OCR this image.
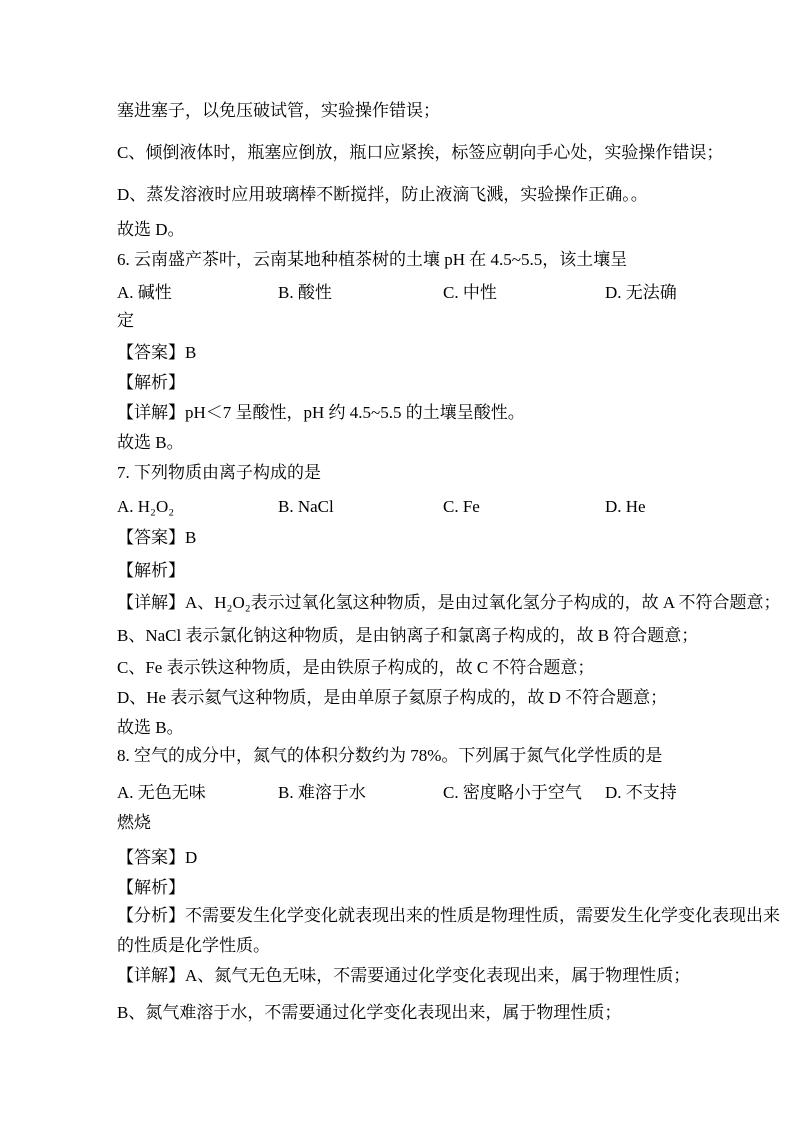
塞进塞子，以免压破试管，实验操作错误；
C、倾倒液体时，瓶塞应倒放，瓶口应紧挨，标签应朝向手心处，实验操作错误；
D、蒸发溶液时应用玻璃棒不断搅拌，防止液滴飞溅，实验操作正确。。
故选 D。
6. 云南盛产茶叶，云南某地种植茶树的土壤 pH 在 4.5~5.5，该土壤呈
A. 碱性	B. 酸性	C. 中性	D. 无法确
定
【答案】B
【解析】
【详解】pH＜7 呈酸性，pH 约 4.5~5.5 的土壤呈酸性。
故选 B。
7. 下列物质由离子构成的是
A. H₂O₂	B. NaCl	C. Fe	D. He
【答案】B
【解析】
【详解】A、H₂O₂表示过氧化氢这种物质，是由过氧化氢分子构成的，故 A 不符合题意；
B、NaCl 表示氯化钠这种物质，是由钠离子和氯离子构成的，故 B 符合题意；
C、Fe 表示铁这种物质，是由铁原子构成的，故 C 不符合题意；
D、He 表示氦气这种物质，是由单原子氦原子构成的，故 D 不符合题意；
故选 B。
8. 空气的成分中，氮气的体积分数约为 78%。下列属于氮气化学性质的是
A. 无色无味	B. 难溶于水	C. 密度略小于空气 D. 不支持
燃烧
【答案】D
【解析】
【分析】不需要发生化学变化就表现出来的性质是物理性质，需要发生化学变化表现出来
的性质是化学性质。
【详解】A、氮气无色无味，不需要通过化学变化表现出来，属于物理性质；
B、氮气难溶于水，不需要通过化学变化表现出来，属于物理性质；
